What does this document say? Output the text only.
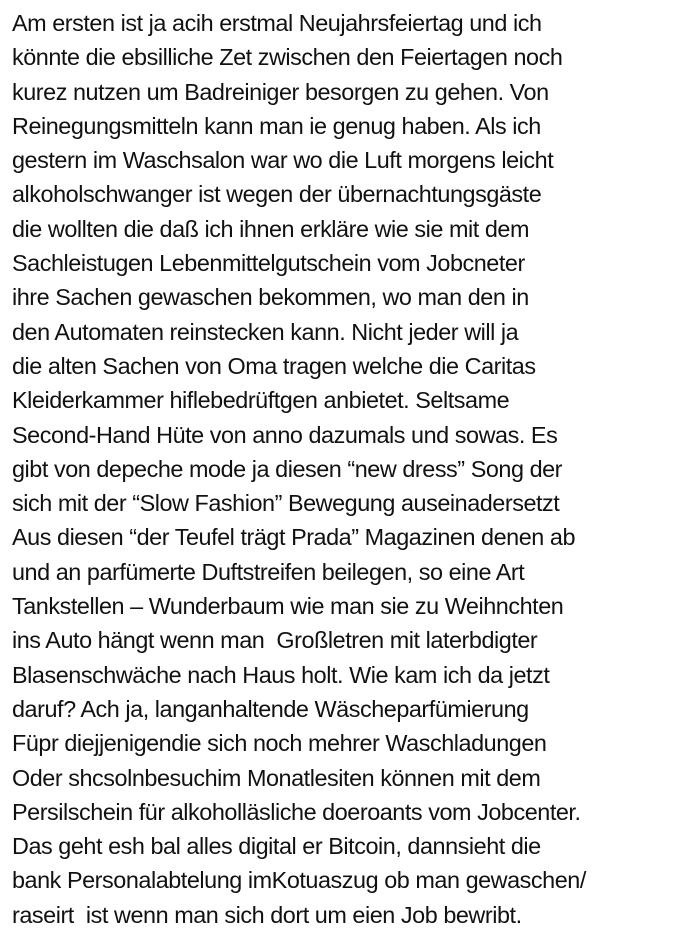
Am ersten ist ja acih erstmal Neujahrsfeiertag und ich
könnte die ebsilliche Zet zwischen den Feiertagen noch
kurez nutzen um Badreiniger besorgen zu gehen. Von
Reinegungsmitteln kann man ie genug haben. Als ich
gestern im Waschsalon war wo die Luft morgens leicht
alkoholschwanger ist wegen der übernachtungsgäste
die wollten die daß ich ihnen erkläre wie sie mit dem
Sachleistugen Lebenmittelgutschein vom Jobcneter
ihre Sachen gewaschen bekommen, wo man den in
den Automaten reinstecken kann. Nicht jeder will ja
die alten Sachen von Oma tragen welche die Caritas
Kleiderkammer hiflebedrüftgen anbietet. Seltsame
Second-Hand Hüte von anno dazumals und sowas. Es
gibt von depeche mode ja diesen “new dress” Song der
sich mit der “Slow Fashion” Bewegung auseinadersetzt
Aus diesen “der Teufel trägt Prada” Magazinen denen ab
und an parfümerte Duftstreifen beilegen, so eine Art
Tankstellen – Wunderbaum wie man sie zu Weihnchten
ins Auto hängt wenn man  Großletren mit laterbdigter
Blasenschwäche nach Haus holt. Wie kam ich da jetzt
daruf? Ach ja, langanhaltende Wäscheparfümierung
Füpr diejjenigendie sich noch mehrer Waschladungen
Oder shcsolnbesuchim Monatlesiten können mit dem
Persilschein für alkoholläsliche doeroants vom Jobcenter.
Das geht esh bal alles digital er Bitcoin, dannsieht die
bank Personalabtelung imKotuaszug ob man gewaschen/
raseirt  ist wenn man sich dort um eien Job bewribt.
